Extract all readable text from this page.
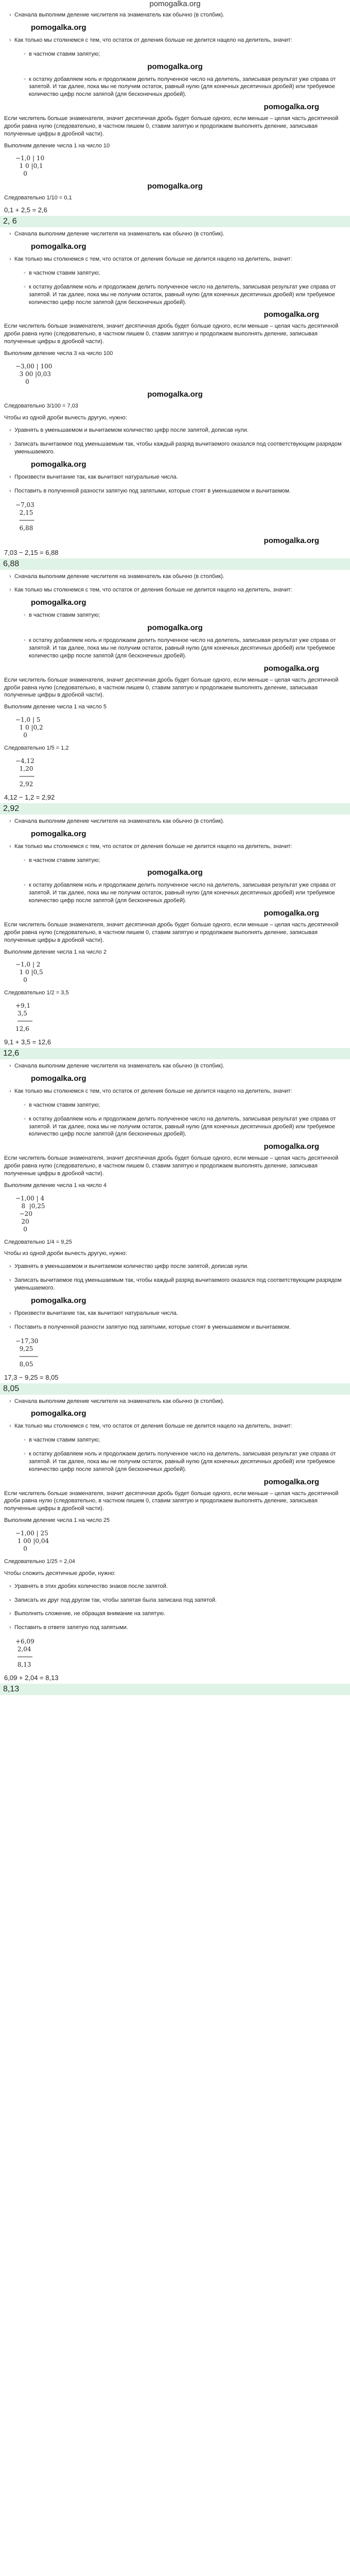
pomogalka.org
› Сначала выполним деление числителя на знаменатель как обычно (в столбик).
pomogalka.org
› Как только мы столкнемся с тем, что остаток от деления больше не делится нацело на делитель, значит:
◦ в частном ставим запятую;
pomogalka.org
◦ к остатку добавляем ноль и продолжаем делить полученное число на делитель, записывая результат уже справа от запятой. И так далее, пока мы не получим остаток, равный нулю (для конечных десятичных дробей) или требуемое количество цифр после запятой (для бесконечных дробей).
pomogalka.org
Если числитель больше знаменателя, значит десятичная дробь будет больше одного, если меньше – целая часть десятичной дроби равна нулю (следовательно, в частном пишем 0, ставим запятую и продолжаем выполнять деление, записывая полученные цифры в дробной части).
Выполним деление числа 1 на число 10
−1,0 | 10
1 0 |0,1
0
pomogalka.org
Следовательно 1/10 = 0,1
0,1 + 2,5 = 2,6
2, 6
› Сначала выполним деление числителя на знаменатель как обычно (в столбик).
pomogalka.org
› Как только мы столкнемся с тем, что остаток от деления больше не делится нацело на делитель, значит:
◦ в частном ставим запятую;
◦ к остатку добавляем ноль и продолжаем делить полученное число на делитель, записывая результат уже справа от запятой. И так далее, пока мы не получим остаток, равный нулю (для конечных десятичных дробей) или требуемое количество цифр после запятой (для бесконечных дробей).
pomogalka.org
Если числитель больше знаменателя, значит десятичная дробь будет больше одного, если меньше – целая часть десятичной дроби равна нулю (следовательно, в частном пишем 0, ставим запятую и продолжаем выполнять деление, записывая полученные цифры в дробной части).
Выполним деление числа 3 на число 100
−3,00 | 100
3 00 |0,03
0
pomogalka.org
Следовательно 3/100 = 7,03
Чтобы из одной дроби вычесть другую, нужно:
› Уравнять в уменьшаемом и вычитаемом количество цифр после запятой, дописав нули.
› Записать вычитаемое под уменьшаемым так, чтобы каждый разряд вычитаемого оказался под соответствующим разрядом уменьшаемого.
pomogalka.org
› Произвести вычитание так, как вычитают натуральные числа.
› Поставить в полученной разности запятую под запятыми, которые стоят в уменьшаемом и вычитаемом.
−7,03
2,15
────
6,88
pomogalka.org
7,03 − 2,15 = 6,88
6,88
› Сначала выполним деление числителя на знаменатель как обычно (в столбик).
› Как только мы столкнемся с тем, что остаток от деления больше не делится нацело на делитель, значит:
pomogalka.org
◦ в частном ставим запятую;
pomogalka.org
◦ к остатку добавляем ноль и продолжаем делить полученное число на делитель, записывая результат уже справа от запятой. И так далее, пока мы не получим остаток, равный нулю (для конечных десятичных дробей) или требуемое количество цифр после запятой (для бесконечных дробей).
pomogalka.org
Если числитель больше знаменателя, значит десятичная дробь будет больше одного, если меньше – целая часть десятичной дроби равна нулю (следовательно, в частном пишем 0, ставим запятую и продолжаем выполнять деление, записывая полученные цифры в дробной части).
Выполним деление числа 1 на число 5
−1,0 | 5
1 0 |0,2
0
Следовательно 1/5 = 1,2
−4,12
1,20
────
2,92
4,12 − 1,2 = 2,92
2,92
› Сначала выполним деление числителя на знаменатель как обычно (в столбик).
pomogalka.org
› Как только мы столкнемся с тем, что остаток от деления больше не делится нацело на делитель, значит:
◦ в частном ставим запятую;
pomogalka.org
◦ к остатку добавляем ноль и продолжаем делить полученное число на делитель, записывая результат уже справа от запятой. И так далее, пока мы не получим остаток, равный нулю (для конечных десятичных дробей) или требуемое количество цифр после запятой (для бесконечных дробей).
pomogalka.org
Если числитель больше знаменателя, значит десятичная дробь будет больше одного, если меньше – целая часть десятичной дроби равна нулю (следовательно, в частном пишем 0, ставим запятую и продолжаем выполнять деление, записывая полученные цифры в дробной части).
Выполним деление числа 1 на число 2
−1,0 | 2
1 0 |0,5
0
Следовательно 1/2 = 3,5
+9,1
3,5
────
12,6
9,1 + 3,5 = 12,6
12,6
› Сначала выполним деление числителя на знаменатель как обычно (в столбик).
pomogalka.org
› Как только мы столкнемся с тем, что остаток от деления больше не делится нацело на делитель, значит:
◦ в частном ставим запятую;
◦ к остатку добавляем ноль и продолжаем делить полученное число на делитель, записывая результат уже справа от запятой. И так далее, пока мы не получим остаток, равный нулю (для конечных десятичных дробей) или требуемое количество цифр после запятой (для бесконечных дробей).
pomogalka.org
Если числитель больше знаменателя, значит десятичная дробь будет больше одного, если меньше – целая часть десятичной дроби равна нулю (следовательно, в частном пишем 0, ставим запятую и продолжаем выполнять деление, записывая полученные цифры в дробной части).
Выполним деление числа 1 на число 4
−1,00 | 4
8  |0,25
−20
20
0
Следовательно 1/4 = 9,25
Чтобы из одной дроби вычесть другую, нужно:
› Уравнять в уменьшаемом и вычитаемом количество цифр после запятой, дописав нули.
› Записать вычитаемое под уменьшаемым так, чтобы каждый разряд вычитаемого оказался под соответствующим разрядом уменьшаемого.
pomogalka.org
› Произвести вычитание так, как вычитают натуральные числа.
› Поставить в полученной разности запятую под запятыми, которые стоят в уменьшаемом и вычитаемом.
−17,30
9,25
─────
8,05
17,3 − 9,25 = 8,05
8,05
› Сначала выполним деление числителя на знаменатель как обычно (в столбик).
pomogalka.org
› Как только мы столкнемся с тем, что остаток от деления больше не делится нацело на делитель, значит:
◦ в частном ставим запятую;
◦ к остатку добавляем ноль и продолжаем делить полученное число на делитель, записывая результат уже справа от запятой. И так далее, пока мы не получим остаток, равный нулю (для конечных десятичных дробей) или требуемое количество цифр после запятой (для бесконечных дробей).
pomogalka.org
Если числитель больше знаменателя, значит десятичная дробь будет больше одного, если меньше – целая часть десятичной дроби равна нулю (следовательно, в частном пишем 0, ставим запятую и продолжаем выполнять деление, записывая полученные цифры в дробной части).
Выполним деление числа 1 на число 25
−1,00 | 25
1 00 |0,04
0
Следовательно 1/25 = 2,04
Чтобы сложить десятичные дроби, нужно:
› Уравнять в этих дробях количество знаков после запятой.
› Записать их друг под другом так, чтобы запятая была записана под запятой.
› Выполнить сложение, не обращая внимание на запятую.
› Поставить в ответе запятую под запятыми.
+6,09
2,04
────
8,13
6,09 + 2,04 = 8,13
8,13
